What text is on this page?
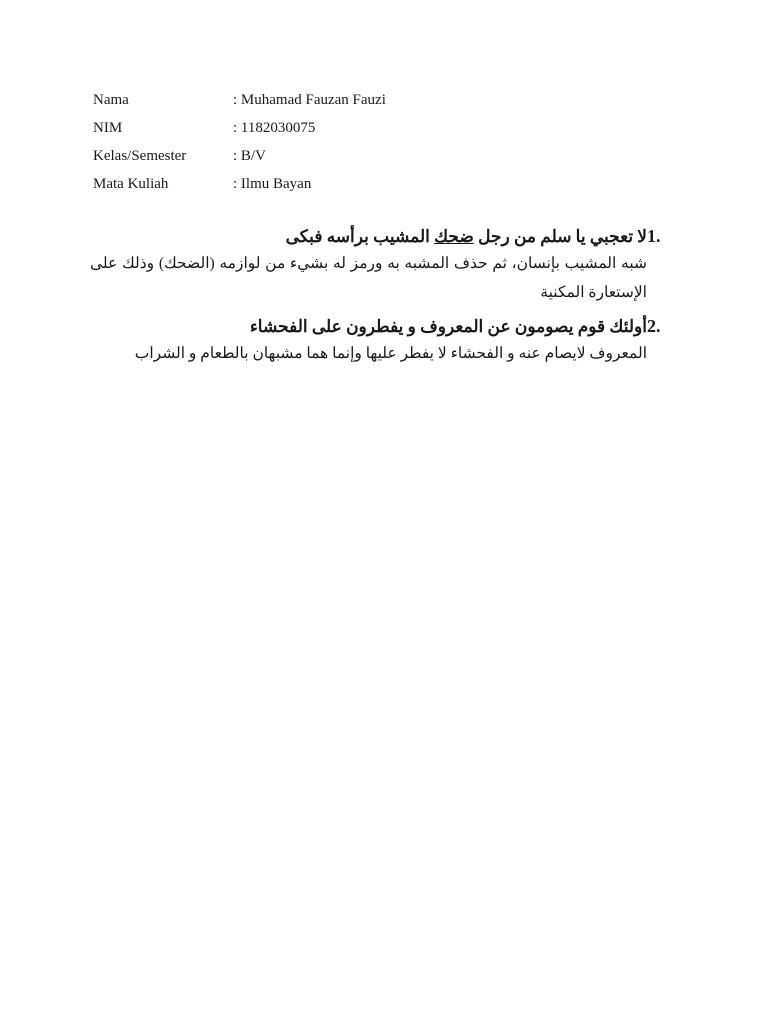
Nama	: Muhamad Fauzan Fauzi
NIM	: 1182030075
Kelas/Semester	: B/V
Mata Kuliah	: Ilmu Bayan
1.
لا تعجبي يا سلم من رجل ضحك المشيب برأسه فبكى
شبه المشيب بإنسان، ثم حذف المشبه به ورمز له بشيء من لوازمه (الضحك) وذلك على الإستعارة المكنية
2.
أولئك قوم يصومون عن المعروف و يفطرون على الفحشاء
المعروف لايصام عنه و الفحشاء لا يفطر عليها وإنما هما مشبهان بالطعام و الشراب
